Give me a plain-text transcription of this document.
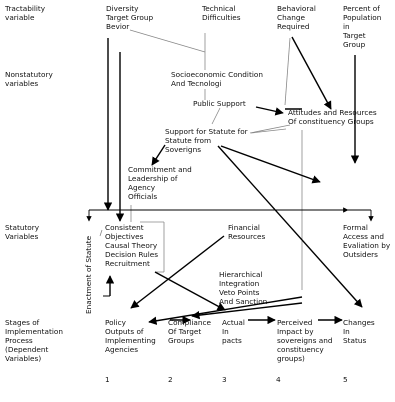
Tractability
variable
Nonstatutory
variables
Statutory
Variables
Stages of
Implementation
Process
(Dependent
Variables)
Diversity
Target Group
Bevior
Technical
Difficulties
Behavioral
Change
Required
Percent of
Population
in
Target
Group
Socioeconomic Condition
And Tecnologi
Public Support
Attitudes and Resources
Of constituency Groups
Support for Statute for
Statute from
Soverigns
Commitment and
Leadership of
Agency
Officials
Consistent
Objectives
Causal Theory
Decision Rules
Recruitment
Financial
Resources
Hierarchical
Integration
Veto Points
And Sanction
Formal
Access and
Evaliation by
Outsiders
Enactment of Statute
Policy
Outputs of
Implementing
Agencies
Compliance
Of Target
Groups
Actual
In
pacts
Perceived
Impact by
sovereigns and
constituency
groups)
Changes
In
Status
1	2	3	4	5
